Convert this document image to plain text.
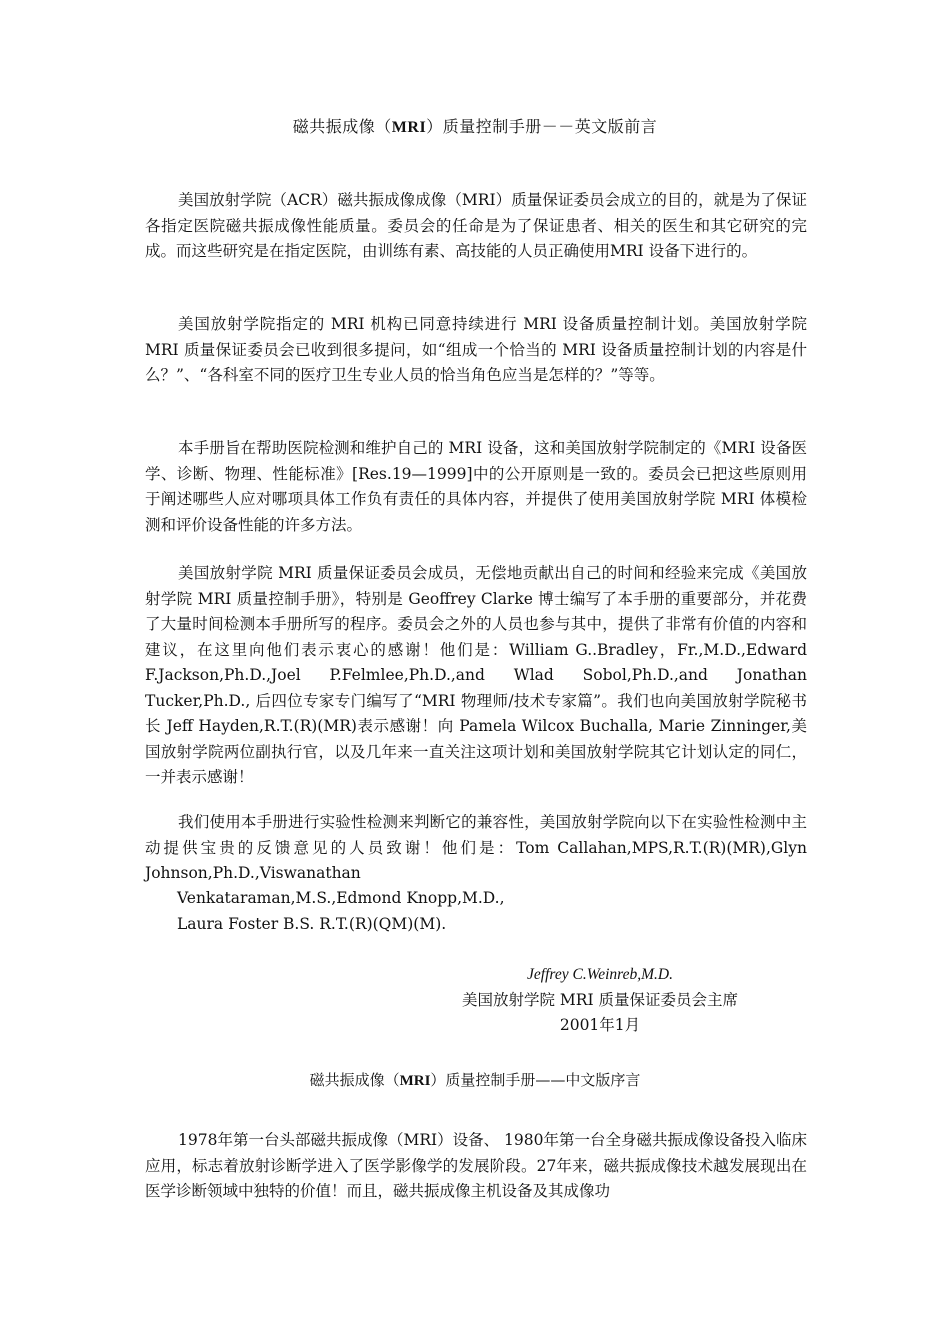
磁共振成像（MRI）质量控制手册－－英文版前言

美国放射学院（ACR）磁共振成像成像（MRI）质量保证委员会成立的目的，就是为了保证各指定医院磁共振成像性能质量。委员会的任命是为了保证患者、相关的医生和其它研究的完成。而这些研究是在指定医院，由训练有素、高技能的人员正确使用MRI 设备下进行的。

美国放射学院指定的 MRI 机构已同意持续进行 MRI 设备质量控制计划。美国放射学院 MRI 质量保证委员会已收到很多提问，如“组成一个恰当的 MRI 设备质量控制计划的内容是什么？”、“各科室不同的医疗卫生专业人员的恰当角色应当是怎样的？”等等。

本手册旨在帮助医院检测和维护自己的 MRI 设备，这和美国放射学院制定的《MRI 设备医学、诊断、物理、性能标准》[Res.19—1999]中的公开原则是一致的。委员会已把这些原则用于阐述哪些人应对哪项具体工作负有责任的具体内容，并提供了使用美国放射学院 MRI 体模检测和评价设备性能的许多方法。

美国放射学院 MRI 质量保证委员会成员，无偿地贡献出自己的时间和经验来完成《美国放射学院 MRI 质量控制手册》，特别是 Geoffrey Clarke 博士编写了本手册的重要部分，并花费了大量时间检测本手册所写的程序。委员会之外的人员也参与其中，提供了非常有价值的内容和建议，在这里向他们表示衷心的感谢！他们是：William G..Bradley，Fr.,M.D.,Edward F.Jackson,Ph.D.,Joel P.Felmlee,Ph.D.,and Wlad Sobol,Ph.D.,and Jonathan Tucker,Ph.D., 后四位专家专门编写了“MRI 物理师/技术专家篇”。我们也向美国放射学院秘书长 Jeff Hayden,R.T.(R)(MR)表示感谢！向 Pamela Wilcox Buchalla, Marie Zinninger,美国放射学院两位副执行官，以及几年来一直关注这项计划和美国放射学院其它计划认定的同仁，一并表示感谢！

我们使用本手册进行实验性检测来判断它的兼容性，美国放射学院向以下在实验性检测中主动提供宝贵的反馈意见的人员致谢！他们是：Tom Callahan,MPS,R.T.(R)(MR),Glyn Johnson,Ph.D.,Viswanathan

Venkataraman,M.S.,Edmond Knopp,M.D.,
Laura Foster B.S. R.T.(R)(QM)(M).
Jeffrey C.Weinreb,M.D.
美国放射学院 MRI 质量保证委员会主席
2001年1月
磁共振成像（MRI）质量控制手册——中文版序言

1978年第一台头部磁共振成像（MRI）设备、 1980年第一台全身磁共振成像设备投入临床应用，标志着放射诊断学进入了医学影像学的发展阶段。27年来，磁共振成像技术越发展现出在医学诊断领域中独特的价值！而且，磁共振成像主机设备及其成像功
